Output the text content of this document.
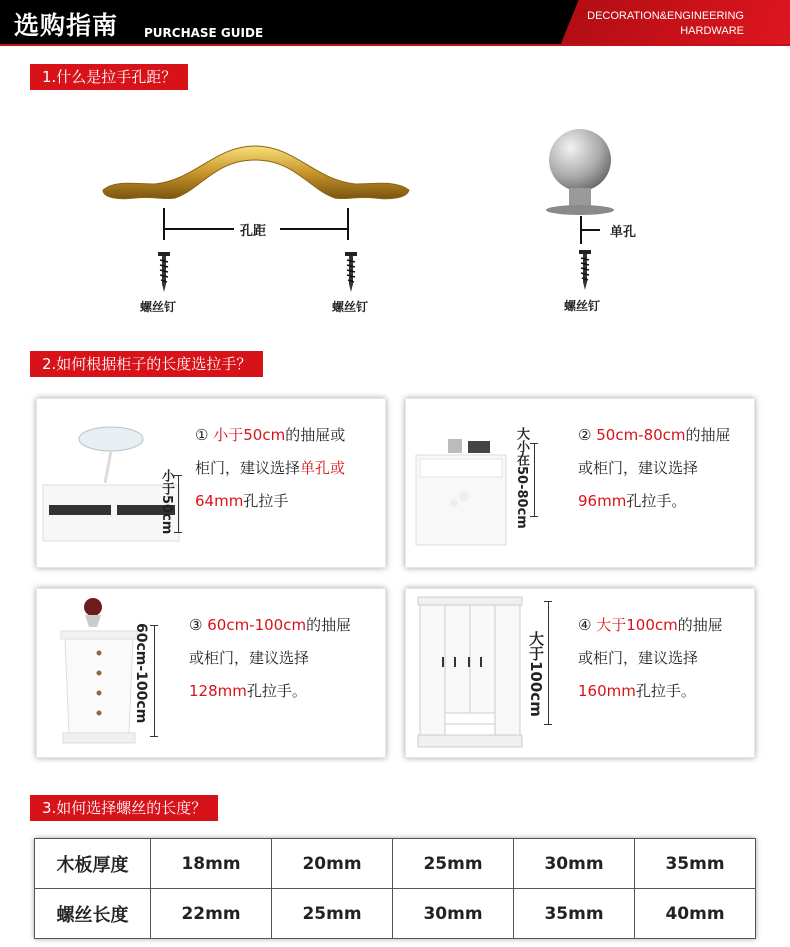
选购指南 PURCHASE GUIDE
DECORATION&ENGINEERING
HARDWARE
1.什么是拉手孔距？
孔距
螺丝钉	螺丝钉
单孔
螺丝钉
2.如何根据柜子的长度选拉手？
小于50cm
① 小于50cm的抽屉或
柜门，建议选择单孔或
64mm孔拉手	大小在50-80cm	② 50cm-80cm的抽屉
或柜门，建议选择
96mm孔拉手。
60cm-100cm	③ 60cm-100cm的抽屉
或柜门，建议选择
128mm孔拉手。	大于100cm
④ 大于100cm的抽屉
或柜门，建议选择
160mm孔拉手。
3.如何选择螺丝的长度？
木板厚度	18mm	20mm	25mm	30mm	35mm
螺丝长度	22mm	25mm	30mm	35mm	40mm
